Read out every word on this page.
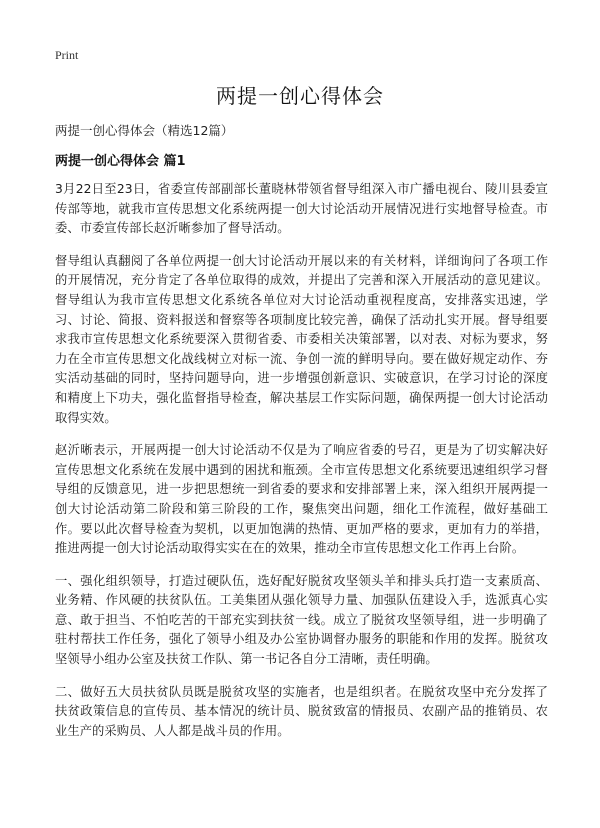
Print
两提一创心得体会

两提一创心得体会（精选12篇）

两提一创心得体会 篇1

3月22日至23日，省委宣传部副部长董晓林带领省督导组深入市广播电视台、陵川县委宣传部等地，就我市宣传思想文化系统两提一创大讨论活动开展情况进行实地督导检查。市委、市委宣传部长赵沂晰参加了督导活动。

督导组认真翻阅了各单位两提一创大讨论活动开展以来的有关材料，详细询问了各项工作的开展情况，充分肯定了各单位取得的成效，并提出了完善和深入开展活动的意见建议。督导组认为我市宣传思想文化系统各单位对大讨论活动重视程度高，安排落实迅速，学习、讨论、简报、资料报送和督察等各项制度比较完善，确保了活动扎实开展。督导组要求我市宣传思想文化系统要深入贯彻省委、市委相关决策部署，以对表、对标为要求，努力在全市宣传思想文化战线树立对标一流、争创一流的鲜明导向。要在做好规定动作、夯实活动基础的同时，坚持问题导向，进一步增强创新意识、实破意识，在学习讨论的深度和精度上下功夫，强化监督指导检查，解决基层工作实际问题，确保两提一创大讨论活动取得实效。

赵沂晰表示，开展两提一创大讨论活动不仅是为了响应省委的号召，更是为了切实解决好宣传思想文化系统在发展中遇到的困扰和瓶颈。全市宣传思想文化系统要迅速组织学习督导组的反馈意见，进一步把思想统一到省委的要求和安排部署上来，深入组织开展两提一创大讨论活动第二阶段和第三阶段的工作，聚焦突出问题，细化工作流程，做好基础工作。要以此次督导检查为契机，以更加饱满的热情、更加严格的要求，更加有力的举措，推进两提一创大讨论活动取得实实在在的效果，推动全市宣传思想文化工作再上台阶。

一、强化组织领导，打造过硬队伍，选好配好脱贫攻坚领头羊和排头兵打造一支素质高、业务精、作风硬的扶贫队伍。工美集团从强化领导力量、加强队伍建设入手，选派真心实意、敢于担当、不怕吃苦的干部充实到扶贫一线。成立了脱贫攻坚领导组，进一步明确了驻村帮扶工作任务，强化了领导小组及办公室协调督办服务的职能和作用的发挥。脱贫攻坚领导小组办公室及扶贫工作队、第一书记各自分工清晰，责任明确。

二、做好五大员扶贫队员既是脱贫攻坚的实施者，也是组织者。在脱贫攻坚中充分发挥了扶贫政策信息的宣传员、基本情况的统计员、脱贫致富的情报员、农副产品的推销员、农业生产的采购员、人人都是战斗员的作用。
